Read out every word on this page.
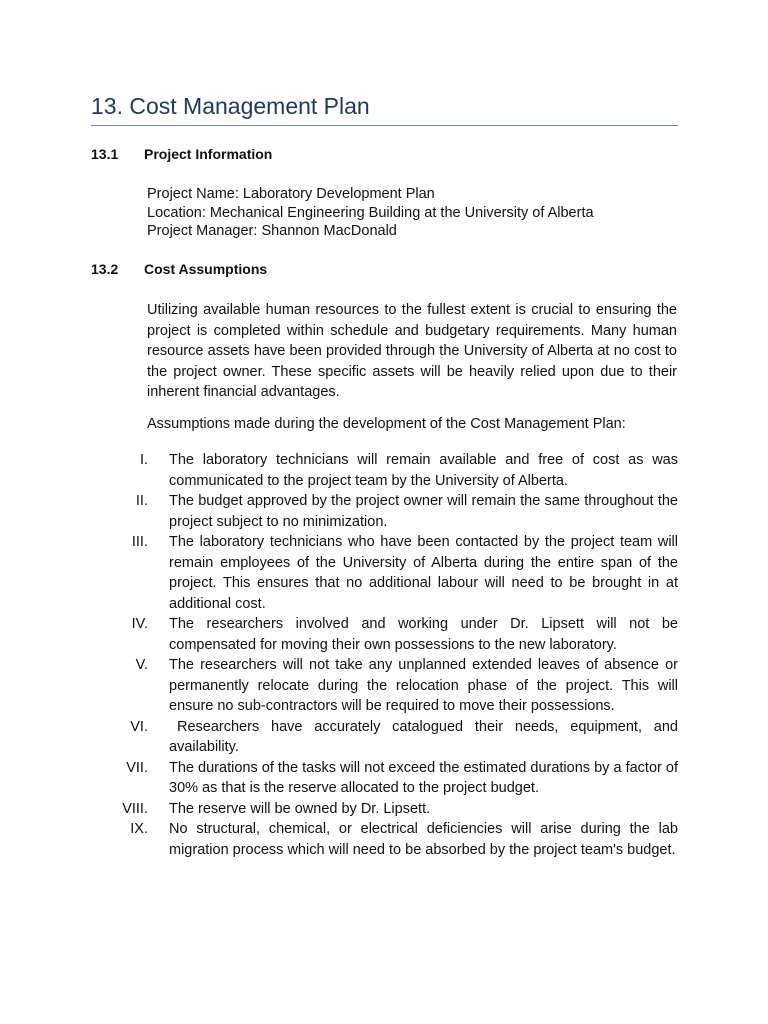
13. Cost Management Plan
13.1 Project Information
Project Name: Laboratory Development Plan
Location: Mechanical Engineering Building at the University of Alberta
Project Manager: Shannon MacDonald
13.2 Cost Assumptions

Utilizing available human resources to the fullest extent is crucial to ensuring the project is completed within schedule and budgetary requirements. Many human resource assets have been provided through the University of Alberta at no cost to the project owner. These specific assets will be heavily relied upon due to their inherent financial advantages.

Assumptions made during the development of the Cost Management Plan:

I.	The laboratory technicians will remain available and free of cost as was communicated to the project team by the University of Alberta.
II.	The budget approved by the project owner will remain the same throughout the project subject to no minimization.
III.	The laboratory technicians who have been contacted by the project team will remain employees of the University of Alberta during the entire span of the project. This ensures that no additional labour will need to be brought in at additional cost.
IV.	The researchers involved and working under Dr. Lipsett will not be compensated for moving their own possessions to the new laboratory.
V.	The researchers will not take any unplanned extended leaves of absence or permanently relocate during the relocation phase of the project. This will ensure no sub-contractors will be required to move their possessions.
VI.	Researchers have accurately catalogued their needs, equipment, and availability.
VII.	The durations of the tasks will not exceed the estimated durations by a factor of 30% as that is the reserve allocated to the project budget.
VIII.	The reserve will be owned by Dr. Lipsett.
IX.	No structural, chemical, or electrical deficiencies will arise during the lab migration process which will need to be absorbed by the project team's budget.
